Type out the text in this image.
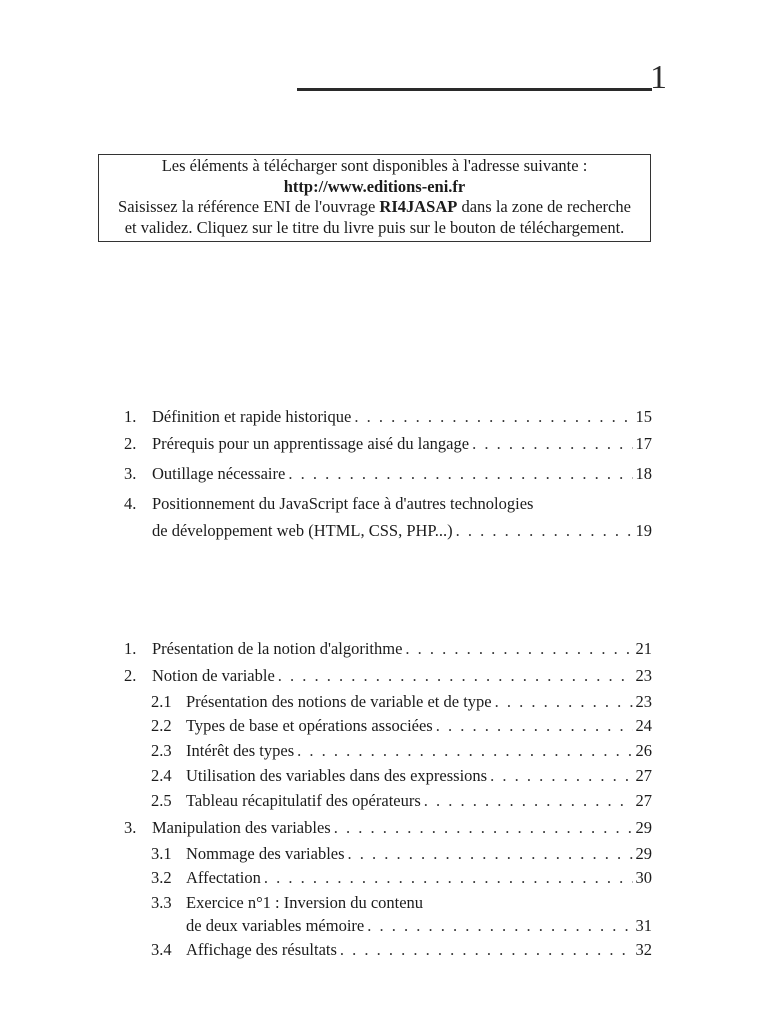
1
Les éléments à télécharger sont disponibles à l'adresse suivante :
http://www.editions-eni.fr
Saisissez la référence ENI de l'ouvrage RI4JASAP dans la zone de recherche
et validez. Cliquez sur le titre du livre puis sur le bouton de téléchargement.
1. Définition et rapide historique . . .	15
2. Prérequis pour un apprentissage aisé du langage . . .	17
3. Outillage nécessaire . . .	18
4. Positionnement du JavaScript face à d'autres technologies
de développement web (HTML, CSS, PHP...) . . .	19
1. Présentation de la notion d'algorithme . . .	21
2. Notion de variable . . .	23
2.1 Présentation des notions de variable et de type . . .	23
2.2 Types de base et opérations associées . . .	24
2.3 Intérêt des types . . .	26
2.4 Utilisation des variables dans des expressions . . .	27
2.5 Tableau récapitulatif des opérateurs . . .	27
3. Manipulation des variables . . .	29
3.1 Nommage des variables . . .	29
3.2 Affectation . . .	30
3.3 Exercice n°1 : Inversion du contenu
de deux variables mémoire . . .	31
3.4 Affichage des résultats . . .	32
